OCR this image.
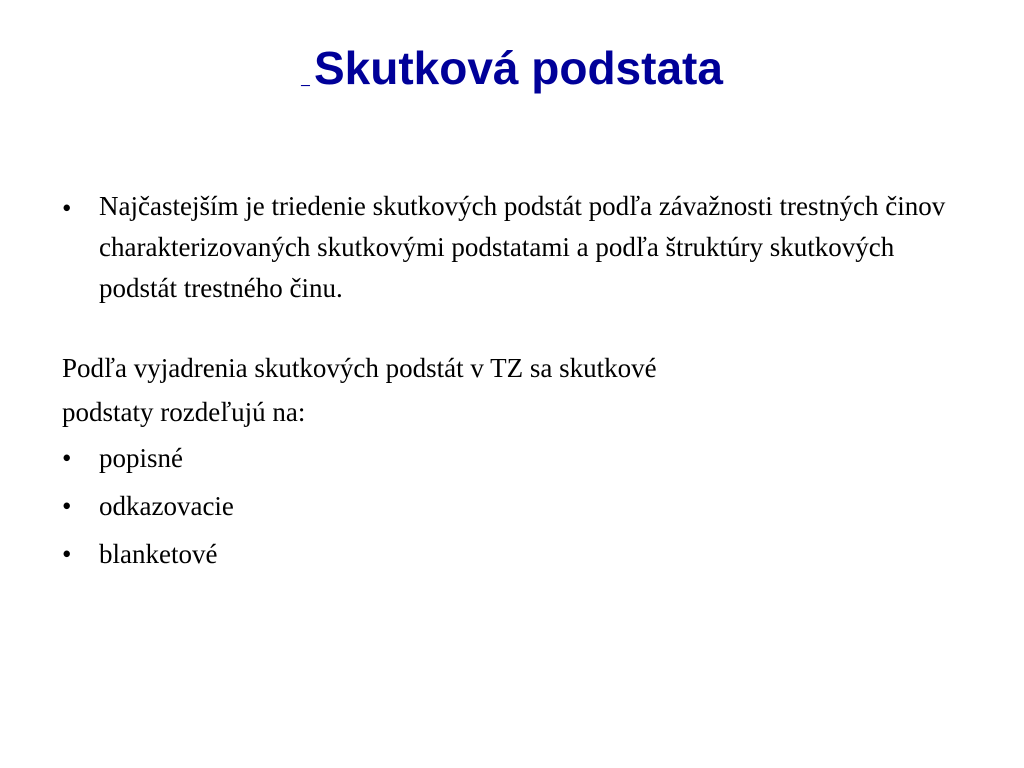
_Skutková podstata
•	Najčastejším je triedenie skutkových podstát podľa závažnosti trestných činov charakterizovaných skutkovými podstatami a podľa štruktúry skutkových podstát trestného činu.
Podľa vyjadrenia skutkových podstát v TZ sa skutkové
podstaty rozdeľujú na:
•	popisné
•	odkazovacie
•	blanketové
